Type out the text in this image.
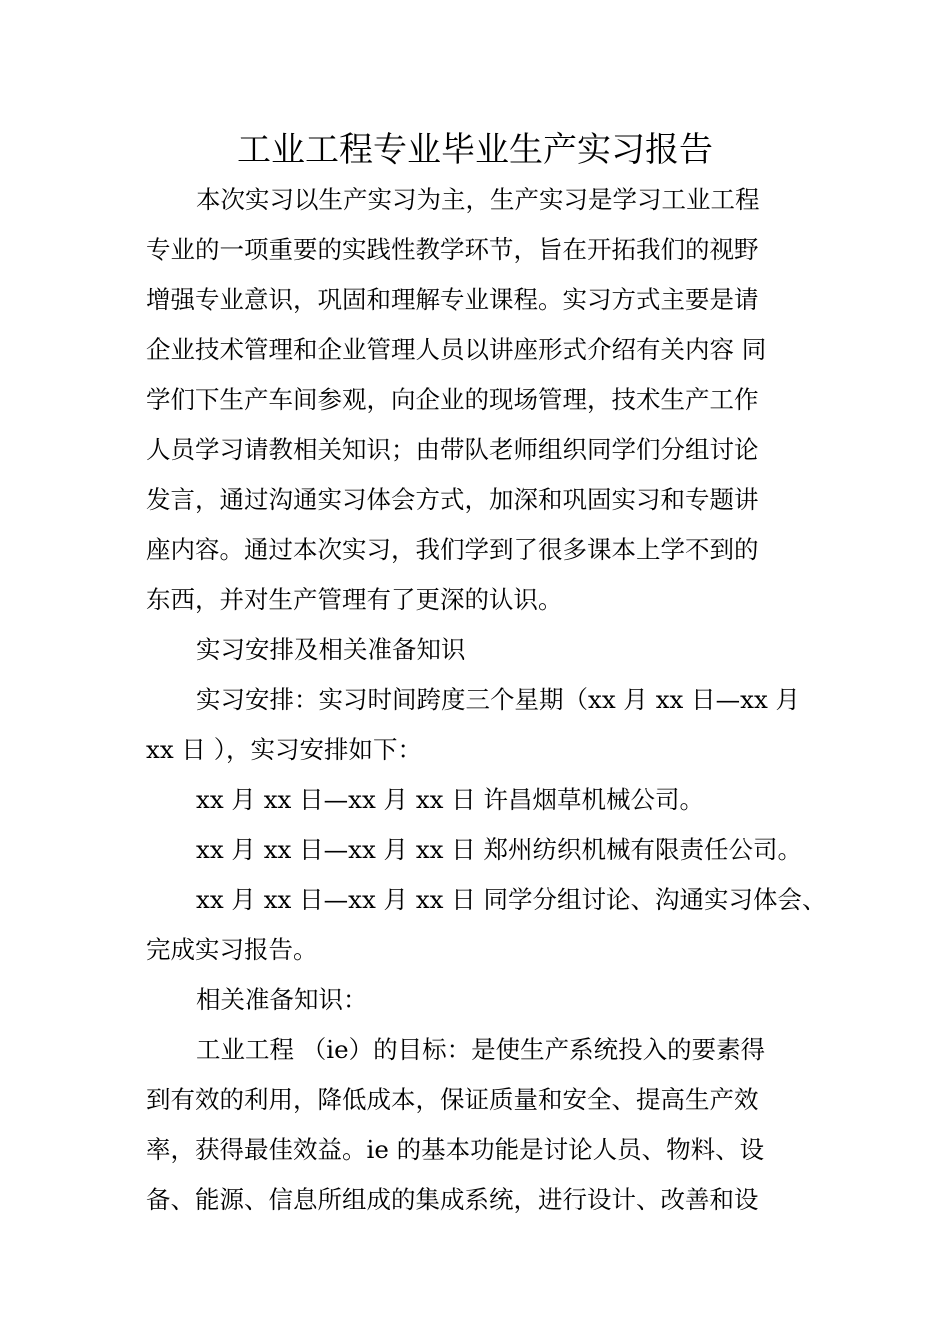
工业工程专业毕业生产实习报告
本次实习以生产实习为主，生产实习是学习工业工程
专业的一项重要的实践性教学环节，旨在开拓我们的视野
增强专业意识，巩固和理解专业课程。实习方式主要是请
企业技术管理和企业管理人员以讲座形式介绍有关内容 同
学们下生产车间参观，向企业的现场管理，技术生产工作
人员学习请教相关知识；由带队老师组织同学们分组讨论
发言，通过沟通实习体会方式，加深和巩固实习和专题讲
座内容。通过本次实习，我们学到了很多课本上学不到的
东西，并对生产管理有了更深的认识。
实习安排及相关准备知识
实习安排：实习时间跨度三个星期（xx 月 xx 日—xx 月
xx 日 ），实习安排如下：
xx 月 xx 日—xx 月 xx 日 许昌烟草机械公司。
xx 月 xx 日—xx 月 xx 日 郑州纺织机械有限责任公司。
xx 月 xx 日—xx 月 xx 日 同学分组讨论、沟通实习体会、
完成实习报告。
相关准备知识：
工业工程 （ie）的目标：是使生产系统投入的要素得
到有效的利用，降低成本，保证质量和安全、提高生产效
率，获得最佳效益。ie 的基本功能是讨论人员、物料、设
备、能源、信息所组成的集成系统，进行设计、改善和设
